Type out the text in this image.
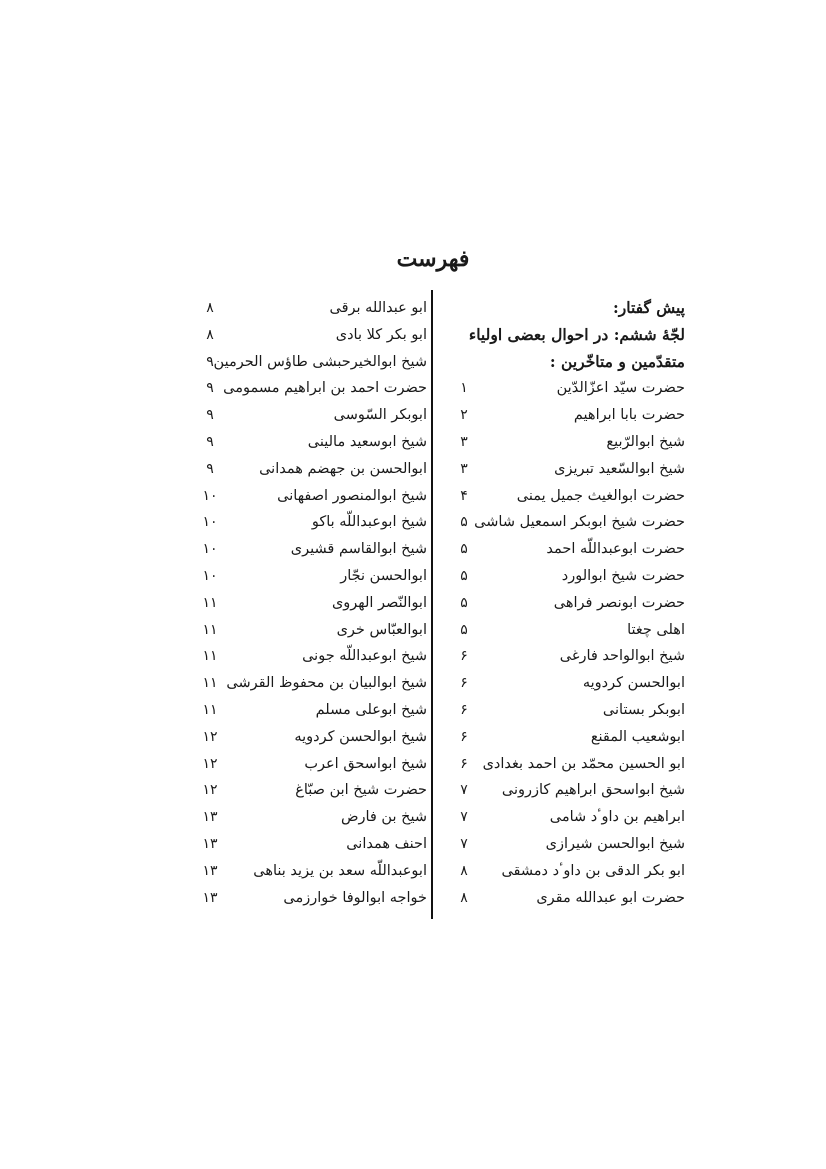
فهرست
پیش گفتار:
لجّهٔ ششم: در احوال بعضی اولیاء
متقدّمین و متاخّرین :
حضرت سیّد اعزّالدّین
۱
حضرت بابا ابراهیم
۲
شیخ ابوالرّبیع
۳
شیخ ابوالسّعید تبریزی
۳
حضرت ابوالغیث جمیل یمنی
۴
حضرت شیخ ابوبکر اسمعیل شاشی
۵
حضرت ابوعبداللّه احمد
۵
حضرت شیخ ابوالورد
۵
حضرت ابونصر فراهی
۵
اهلی چغتا
۵
شیخ ابوالواحد فارغی
۶
ابوالحسن کردویه
۶
ابوبکر بستانی
۶
ابوشعیب المقنع
۶
ابو الحسین محمّد بن احمد بغدادی
۶
شیخ ابواسحق ابراهیم کازرونی
۷
ابراهیم بن داوٴد شامی
۷
شیخ ابوالحسن شیرازی
۷
ابو بکر الدقی بن داوٴد دمشقی
۸
حضرت ابو عبدالله مقری
۸
ابو عبدالله برقی
۸
ابو بکر کلا بادی
۸
شیخ ابوالخیرحبشی طاؤس الحرمین
۹
حضرت احمد بن ابراهیم مسمومی
۹
ابوبکر السّوسی
۹
شیخ ابوسعید مالینی
۹
ابوالحسن بن جهضم همدانی
۹
شیخ ابوالمنصور اصفهانی
۱۰
شیخ ابوعبداللّه باکو
۱۰
شیخ ابوالقاسم قشیری
۱۰
ابوالحسن نجّار
۱۰
ابوالنّصر الهروی
۱۱
ابوالعبّاس خری
۱۱
شیخ ابوعبداللّه جونی
۱۱
شیخ ابوالبیان بن محفوظ القرشی
۱۱
شیخ ابوعلی مسلم
۱۱
شیخ ابوالحسن کردویه
۱۲
شیخ ابواسحق اعرب
۱۲
حضرت شیخ ابن صبّاغ
۱۲
شیخ بن فارض
۱۳
احنف همدانی
۱۳
ابوعبداللّه سعد بن یزید بناهی
۱۳
خواجه ابوالوفا خوارزمی
۱۳
